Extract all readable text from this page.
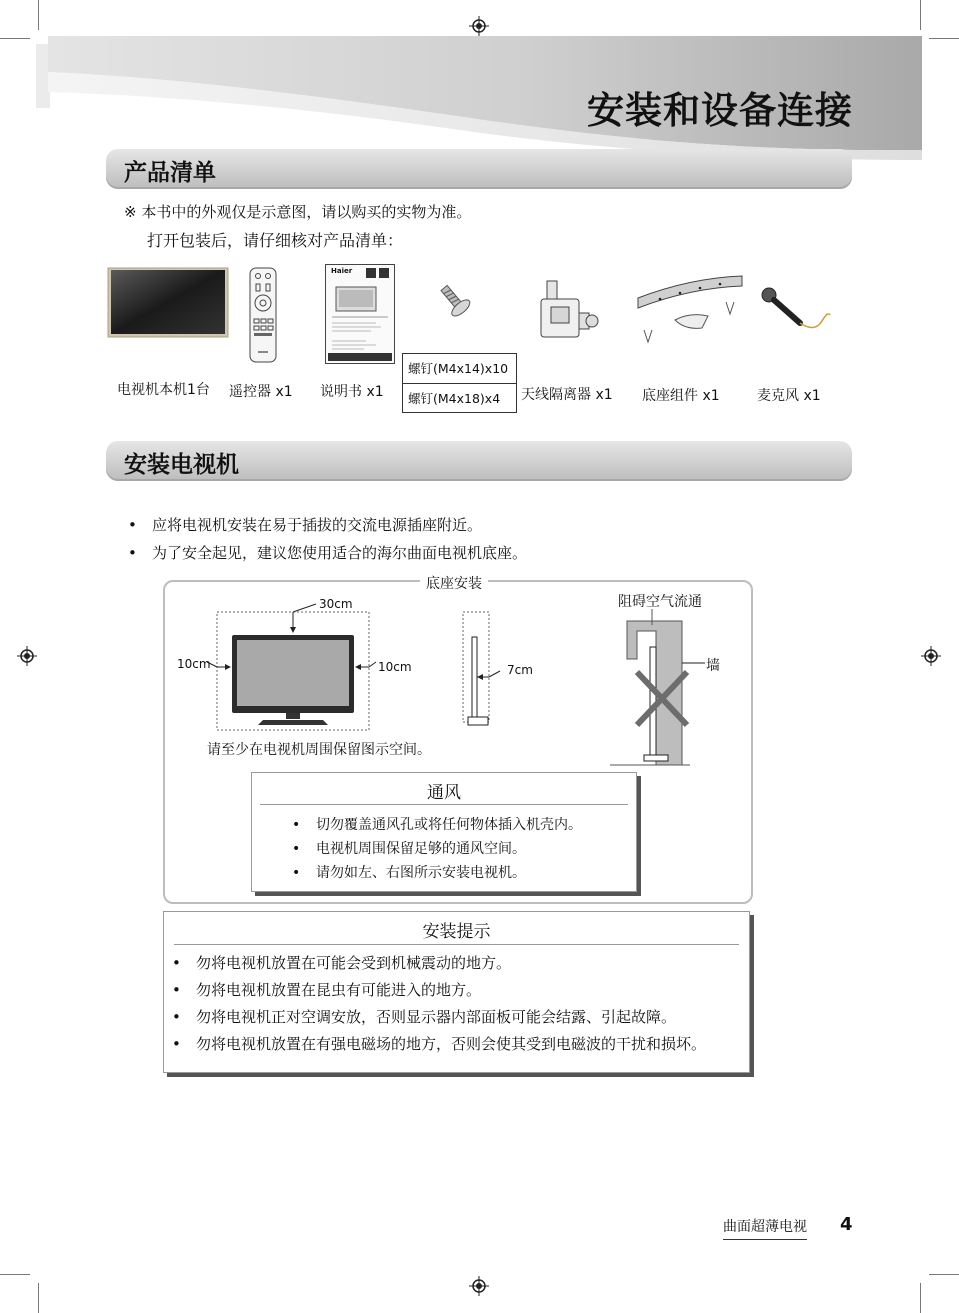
安装和设备连接
产品清单
※ 本书中的外观仅是示意图，请以购买的实物为准。
打开包装后，请仔细核对产品清单：
Haier
螺钉(M4x14)x10
螺钉(M4x18)x4
电视机本机1台 遥控器 x1 说明书 x1	天线隔离器 x1 底座组件 x1	麦克风 x1
安装电视机
• 应将电视机安装在易于插拔的交流电源插座附近。
• 为了安全起见，建议您使用适合的海尔曲面电视机底座。
底座安装
30cm
10cm	10cm	7cm
阻碍空气流通
墙
请至少在电视机周围保留图示空间。
通风
• 切勿覆盖通风孔或将任何物体插入机壳内。
• 电视机周围保留足够的通风空间。
• 请勿如左、右图所示安装电视机。
安装提示
• 勿将电视机放置在可能会受到机械震动的地方。
• 勿将电视机放置在昆虫有可能进入的地方。
• 勿将电视机正对空调安放，否则显示器内部面板可能会结露、引起故障。
• 勿将电视机放置在有强电磁场的地方，否则会使其受到电磁波的干扰和损坏。
曲面超薄电视 4
